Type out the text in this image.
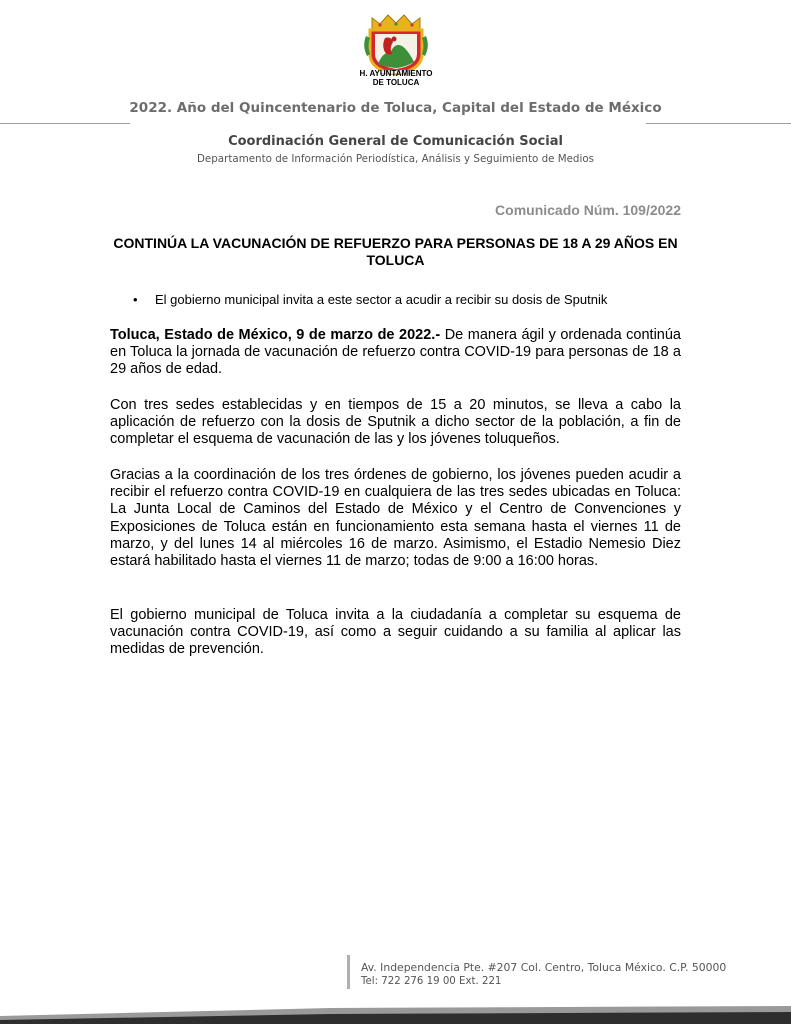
H. AYUNTAMIENTO
DE TOLUCA
2022. Año del Quincentenario de Toluca, Capital del Estado de México
Coordinación General de Comunicación Social
Departamento de Información Periodística, Análisis y Seguimiento de Medios
Comunicado Núm. 109/2022
CONTINÚA LA VACUNACIÓN DE REFUERZO PARA PERSONAS DE 18 A 29 AÑOS EN TOLUCA
• El gobierno municipal invita a este sector a acudir a recibir su dosis de Sputnik

Toluca, Estado de México, 9 de marzo de 2022.- De manera ágil y ordenada continúa en Toluca la jornada de vacunación de refuerzo contra COVID-19 para personas de 18 a 29 años de edad.

Con tres sedes establecidas y en tiempos de 15 a 20 minutos, se lleva a cabo la aplicación de refuerzo con la dosis de Sputnik a dicho sector de la población, a fin de completar el esquema de vacunación de las y los jóvenes toluqueños.

Gracias a la coordinación de los tres órdenes de gobierno, los jóvenes pueden acudir a recibir el refuerzo contra COVID-19 en cualquiera de las tres sedes ubicadas en Toluca: La Junta Local de Caminos del Estado de México y el Centro de Convenciones y Exposiciones de Toluca están en funcionamiento esta semana hasta el viernes 11 de marzo, y del lunes 14 al miércoles 16 de marzo. Asimismo, el Estadio Nemesio Diez estará habilitado hasta el viernes 11 de marzo; todas de 9:00 a 16:00 horas.

El gobierno municipal de Toluca invita a la ciudadanía a completar su esquema de vacunación contra COVID-19, así como a seguir cuidando a su familia al aplicar las medidas de prevención.

Av. Independencia Pte. #207 Col. Centro, Toluca México. C.P. 50000
Tel: 722 276 19 00 Ext. 221
